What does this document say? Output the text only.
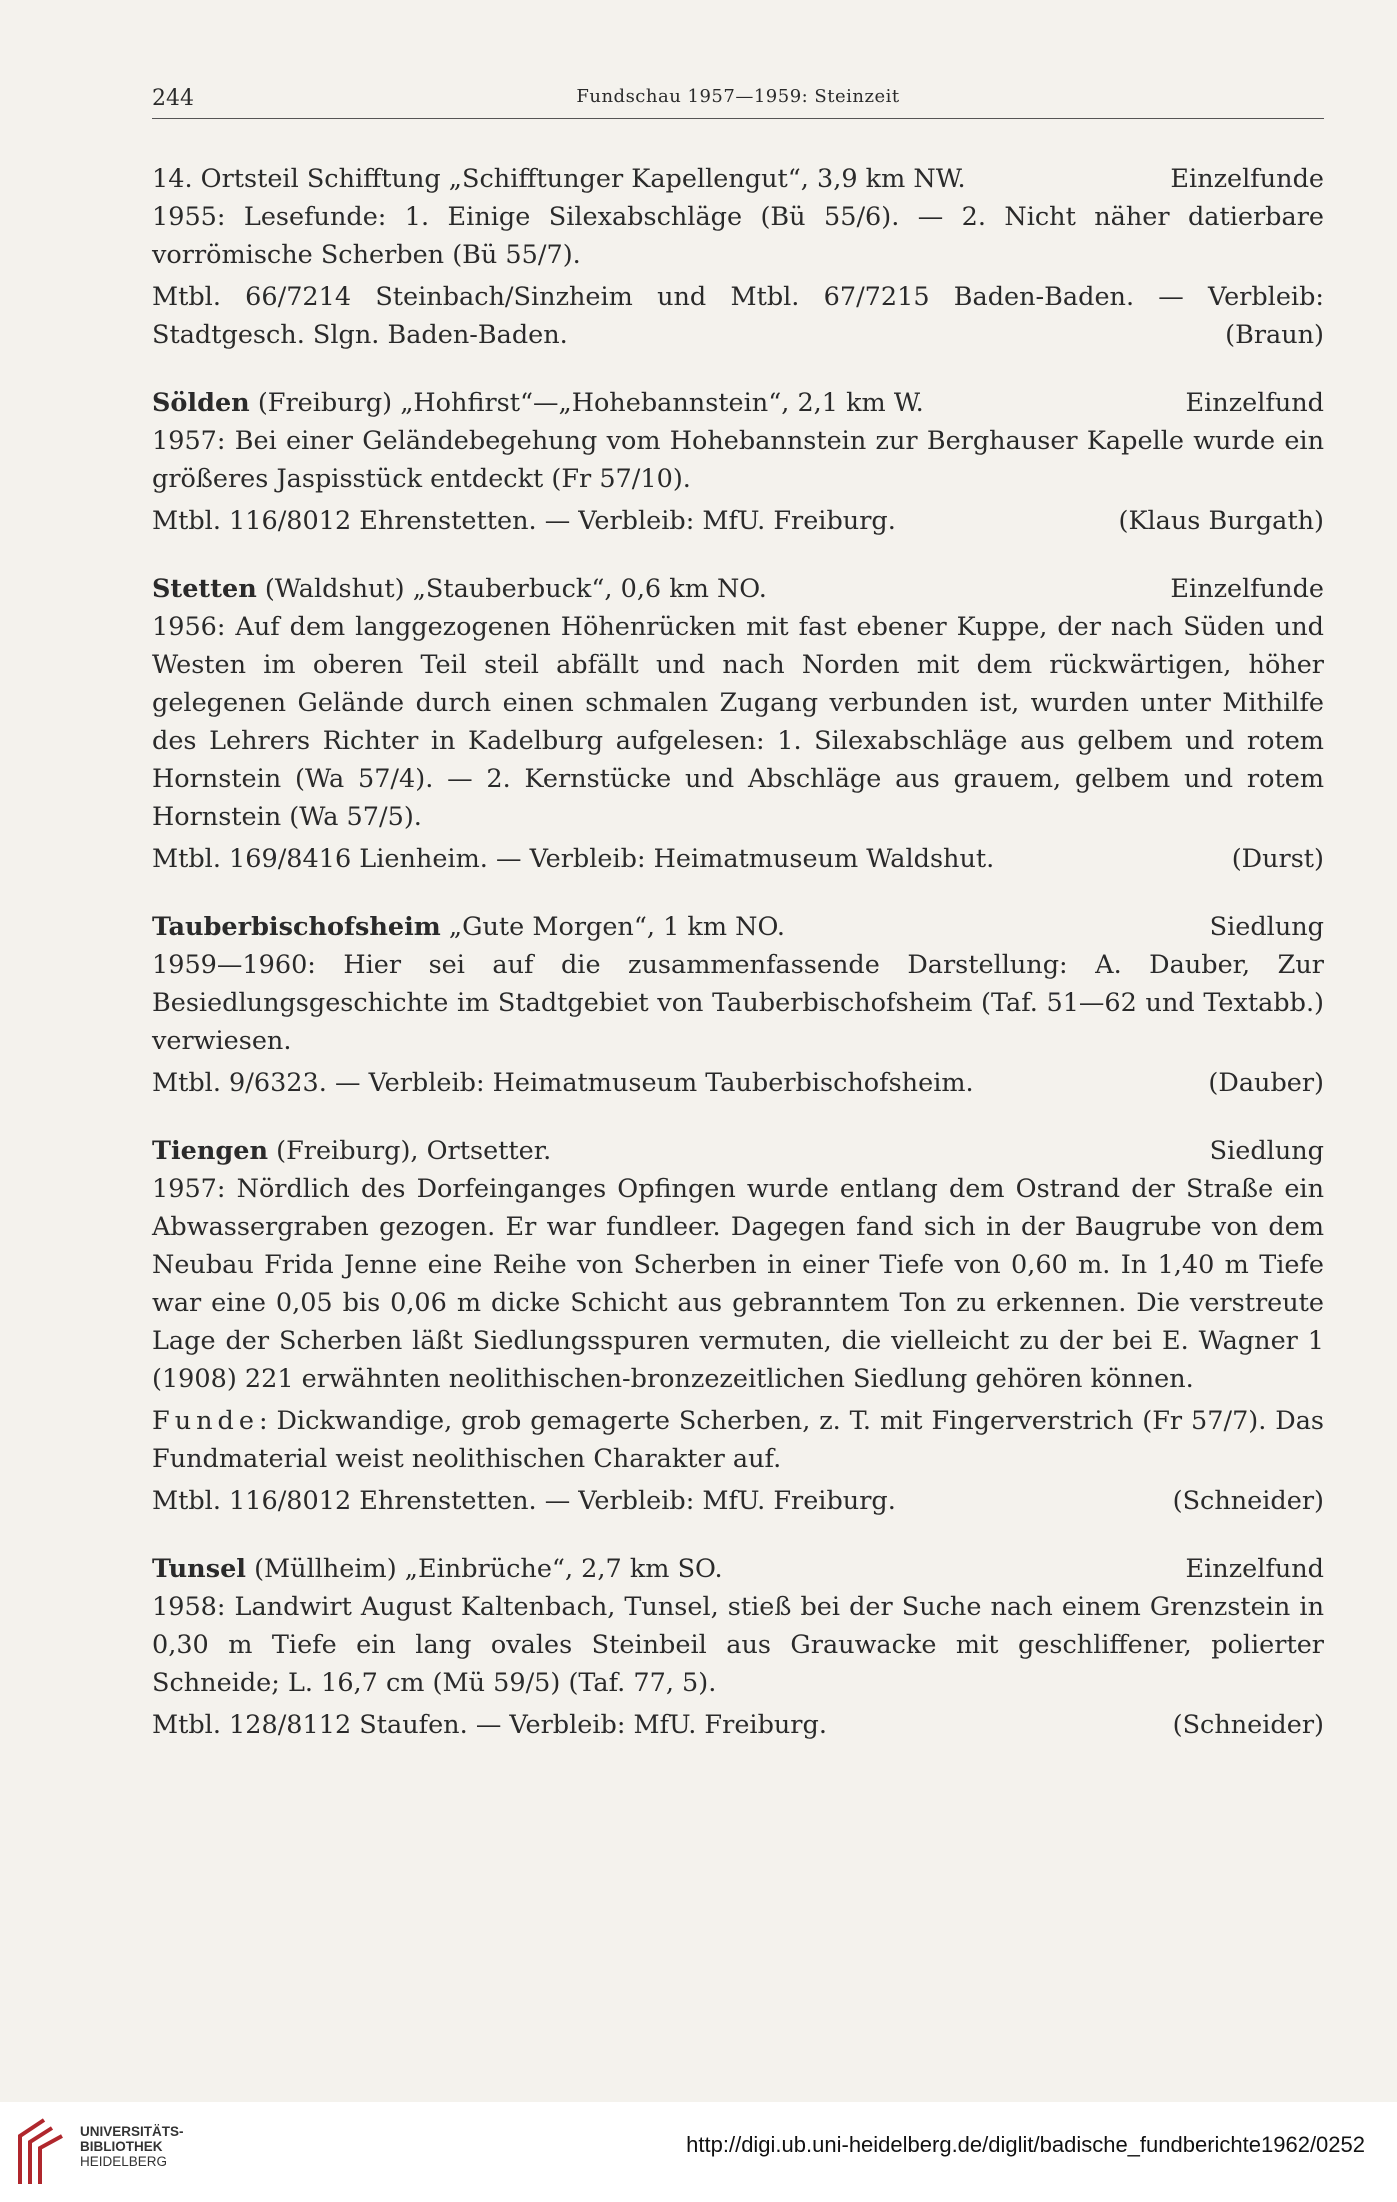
244	Fundschau 1957—1959: Steinzeit
14. Ortsteil Schifftung „Schifftunger Kapellengut“, 3,9 km NW.	Einzelfunde

1955: Lesefunde: 1. Einige Silexabschläge (Bü 55/6). — 2. Nicht näher datierbare vorrömische Scherben (Bü 55/7).

Mtbl. 66/7214 Steinbach/Sinzheim und Mtbl. 67/7215 Baden-Baden. — Verbleib: Stadtgesch. Slgn. Baden-Baden.	(Braun)

Sölden (Freiburg) „Hohfirst“—„Hohebannstein“, 2,1 km W.	Einzelfund

1957: Bei einer Geländebegehung vom Hohebannstein zur Berghauser Kapelle wurde ein größeres Jaspisstück entdeckt (Fr 57/10).

Mtbl. 116/8012 Ehrenstetten. — Verbleib: MfU. Freiburg.	(Klaus Burgath)
Stetten (Waldshut) „Stauberbuck“, 0,6 km NO.	Einzelfunde

1956: Auf dem langgezogenen Höhenrücken mit fast ebener Kuppe, der nach Süden und Westen im oberen Teil steil abfällt und nach Norden mit dem rückwärtigen, höher gelegenen Gelände durch einen schmalen Zugang verbunden ist, wurden unter Mithilfe des Lehrers Richter in Kadelburg aufgelesen: 1. Silexabschläge aus gelbem und rotem Hornstein (Wa 57/4). — 2. Kernstücke und Abschläge aus grauem, gelbem und rotem Hornstein (Wa 57/5).

Mtbl. 169/8416 Lienheim. — Verbleib: Heimatmuseum Waldshut.	(Durst)
Tauberbischofsheim „Gute Morgen“, 1 km NO.	Siedlung

1959—1960: Hier sei auf die zusammenfassende Darstellung: A. Dauber, Zur Besiedlungsgeschichte im Stadtgebiet von Tauberbischofsheim (Taf. 51—62 und Textabb.) verwiesen.

Mtbl. 9/6323. — Verbleib: Heimatmuseum Tauberbischofsheim.	(Dauber)
Tiengen (Freiburg), Ortsetter.	Siedlung

1957: Nördlich des Dorfeinganges Opfingen wurde entlang dem Ostrand der Straße ein Abwassergraben gezogen. Er war fundleer. Dagegen fand sich in der Baugrube von dem Neubau Frida Jenne eine Reihe von Scherben in einer Tiefe von 0,60 m. In 1,40 m Tiefe war eine 0,05 bis 0,06 m dicke Schicht aus gebranntem Ton zu erkennen. Die verstreute Lage der Scherben läßt Siedlungsspuren vermuten, die vielleicht zu der bei E. Wagner 1 (1908) 221 erwähnten neolithischen-bronzezeitlichen Siedlung gehören können.

Funde: Dickwandige, grob gemagerte Scherben, z. T. mit Fingerverstrich (Fr 57/7). Das Fundmaterial weist neolithischen Charakter auf.

Mtbl. 116/8012 Ehrenstetten. — Verbleib: MfU. Freiburg.	(Schneider)
Tunsel (Müllheim) „Einbrüche“, 2,7 km SO.	Einzelfund

1958: Landwirt August Kaltenbach, Tunsel, stieß bei der Suche nach einem Grenzstein in 0,30 m Tiefe ein lang ovales Steinbeil aus Grauwacke mit geschliffener, polierter Schneide; L. 16,7 cm (Mü 59/5) (Taf. 77, 5).

Mtbl. 128/8112 Staufen. — Verbleib: MfU. Freiburg.	(Schneider)
UNIVERSITÄTS-
BIBLIOTHEK
HEIDELBERG
http://digi.ub.uni-heidelberg.de/diglit/badische_fundberichte1962/0252
